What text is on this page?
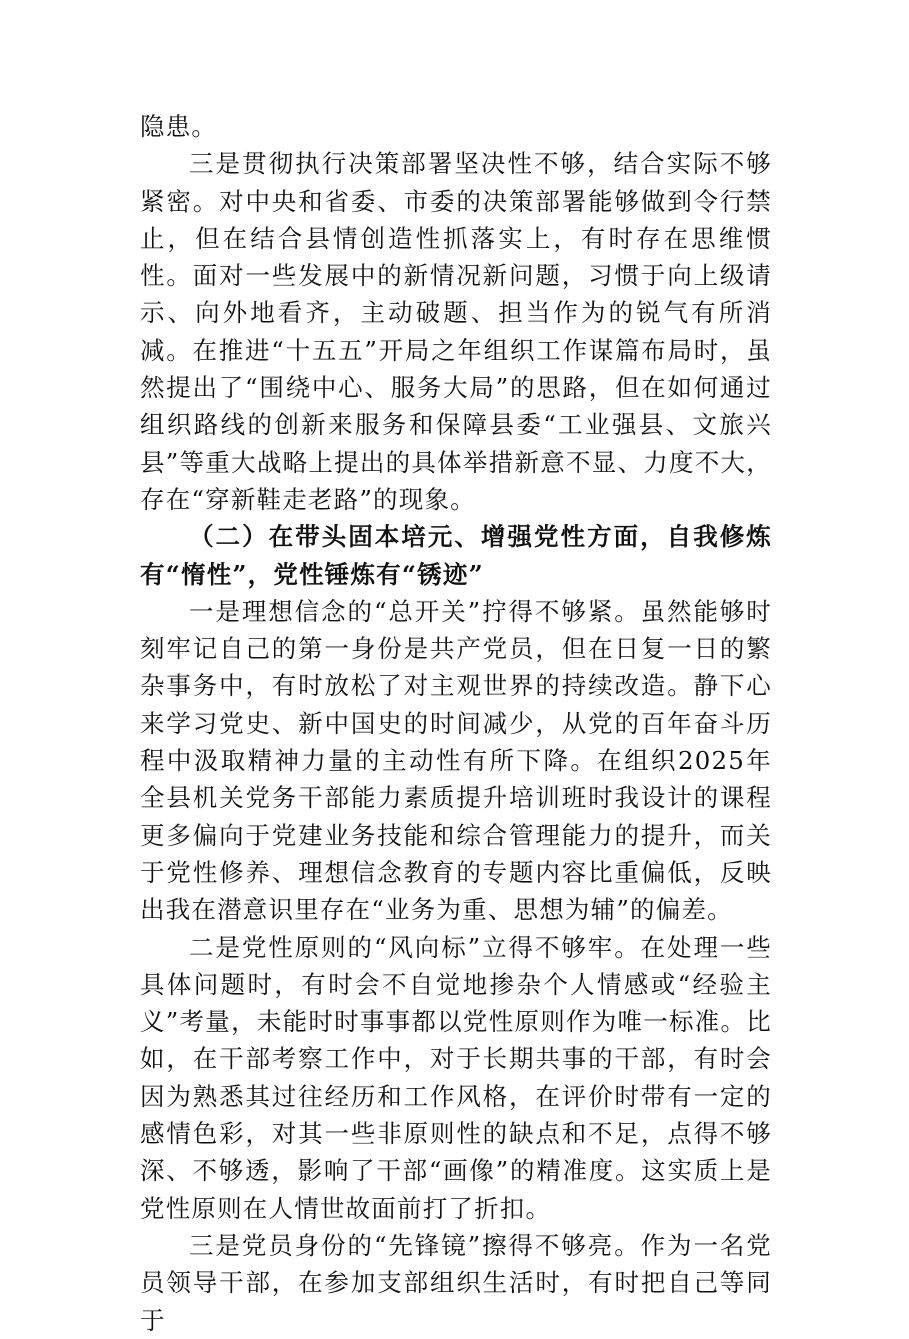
隐患。

三是贯彻执行决策部署坚决性不够，结合实际不够紧密。对中央和省委、市委的决策部署能够做到令行禁止，但在结合县情创造性抓落实上，有时存在思维惯性。面对一些发展中的新情况新问题，习惯于向上级请示、向外地看齐，主动破题、担当作为的锐气有所消减。在推进“十五五”开局之年组织工作谋篇布局时，虽然提出了“围绕中心、服务大局”的思路，但在如何通过组织路线的创新来服务和保障县委“工业强县、文旅兴县”等重大战略上提出的具体举措新意不显、力度不大，存在“穿新鞋走老路”的现象。

（二）在带头固本培元、增强党性方面，自我修炼有“惰性”，党性锤炼有“锈迹”

一是理想信念的“总开关”拧得不够紧。虽然能够时刻牢记自己的第一身份是共产党员，但在日复一日的繁杂事务中，有时放松了对主观世界的持续改造。静下心来学习党史、新中国史的时间减少，从党的百年奋斗历程中汲取精神力量的主动性有所下降。在组织2025年全县机关党务干部能力素质提升培训班时我设计的课程更多偏向于党建业务技能和综合管理能力的提升，而关于党性修养、理想信念教育的专题内容比重偏低，反映出我在潜意识里存在“业务为重、思想为辅”的偏差。

二是党性原则的“风向标”立得不够牢。在处理一些具体问题时，有时会不自觉地掺杂个人情感或“经验主义”考量，未能时时事事都以党性原则作为唯一标准。比如，在干部考察工作中，对于长期共事的干部，有时会因为熟悉其过往经历和工作风格，在评价时带有一定的感情色彩，对其一些非原则性的缺点和不足，点得不够深、不够透，影响了干部“画像”的精准度。这实质上是党性原则在人情世故面前打了折扣。

三是党员身份的“先锋镜”擦得不够亮。作为一名党员领导干部，在参加支部组织生活时，有时把自己等同于
